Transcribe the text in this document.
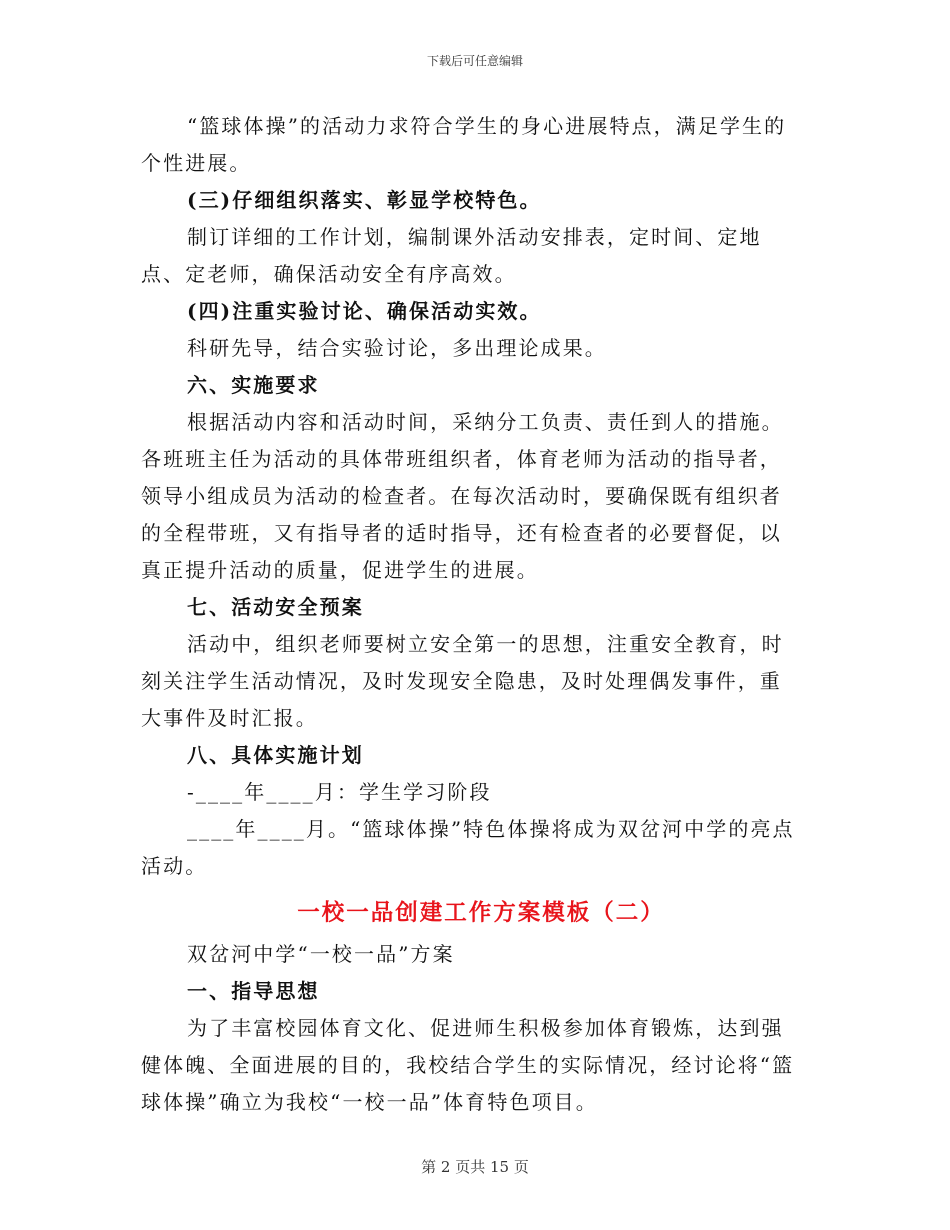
下载后可任意编辑

“篮球体操”的活动力求符合学生的身心进展特点，满足学生的个性进展。

(三)仔细组织落实、彰显学校特色。

制订详细的工作计划，编制课外活动安排表，定时间、定地点、定老师，确保活动安全有序高效。

(四)注重实验讨论、确保活动实效。

科研先导，结合实验讨论，多出理论成果。

六、实施要求

根据活动内容和活动时间，采纳分工负责、责任到人的措施。各班班主任为活动的具体带班组织者，体育老师为活动的指导者，领导小组成员为活动的检查者。在每次活动时，要确保既有组织者的全程带班，又有指导者的适时指导，还有检查者的必要督促，以真正提升活动的质量，促进学生的进展。

七、活动安全预案

活动中，组织老师要树立安全第一的思想，注重安全教育，时刻关注学生活动情况，及时发现安全隐患，及时处理偶发事件，重大事件及时汇报。

八、具体实施计划

-____年____月：学生学习阶段

____年____月。“篮球体操”特色体操将成为双岔河中学的亮点活动。

一校一品创建工作方案模板（二）

双岔河中学“一校一品”方案

一、指导思想

为了丰富校园体育文化、促进师生积极参加体育锻炼，达到强健体魄、全面进展的目的，我校结合学生的实际情况，经讨论将“篮球体操”确立为我校“一校一品”体育特色项目。

第 2 页共 15 页
